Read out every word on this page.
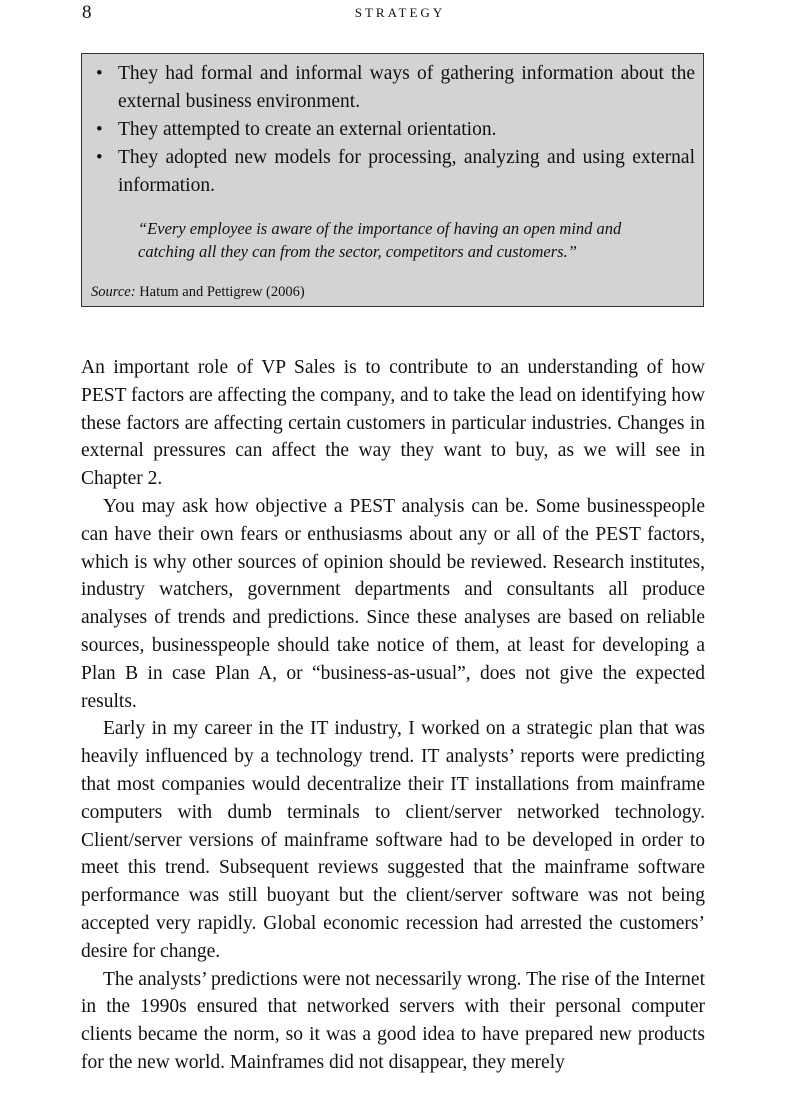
8	STRATEGY
• They had formal and informal ways of gathering information about the external business environment.
• They attempted to create an external orientation.
• They adopted new models for processing, analyzing and using external information.

“Every employee is aware of the importance of having an open mind and catching all they can from the sector, competitors and customers.”

Source: Hatum and Pettigrew (2006)

An important role of VP Sales is to contribute to an understanding of how PEST factors are affecting the company, and to take the lead on identifying how these factors are affecting certain customers in particular industries. Changes in external pressures can affect the way they want to buy, as we will see in Chapter 2.

You may ask how objective a PEST analysis can be. Some businesspeople can have their own fears or enthusiasms about any or all of the PEST factors, which is why other sources of opinion should be reviewed. Research institutes, industry watchers, government departments and consultants all produce analyses of trends and predictions. Since these analyses are based on reliable sources, businesspeople should take notice of them, at least for developing a Plan B in case Plan A, or “business-as-usual”, does not give the expected results.

Early in my career in the IT industry, I worked on a strategic plan that was heavily influenced by a technology trend. IT analysts’ reports were predicting that most companies would decentralize their IT installations from mainframe computers with dumb terminals to client/server networked technology. Client/server versions of mainframe software had to be developed in order to meet this trend. Subsequent reviews suggested that the mainframe software performance was still buoyant but the client/server software was not being accepted very rapidly. Global economic recession had arrested the customers’ desire for change.

The analysts’ predictions were not necessarily wrong. The rise of the Internet in the 1990s ensured that networked servers with their personal computer clients became the norm, so it was a good idea to have prepared new products for the new world. Mainframes did not disappear, they merely
